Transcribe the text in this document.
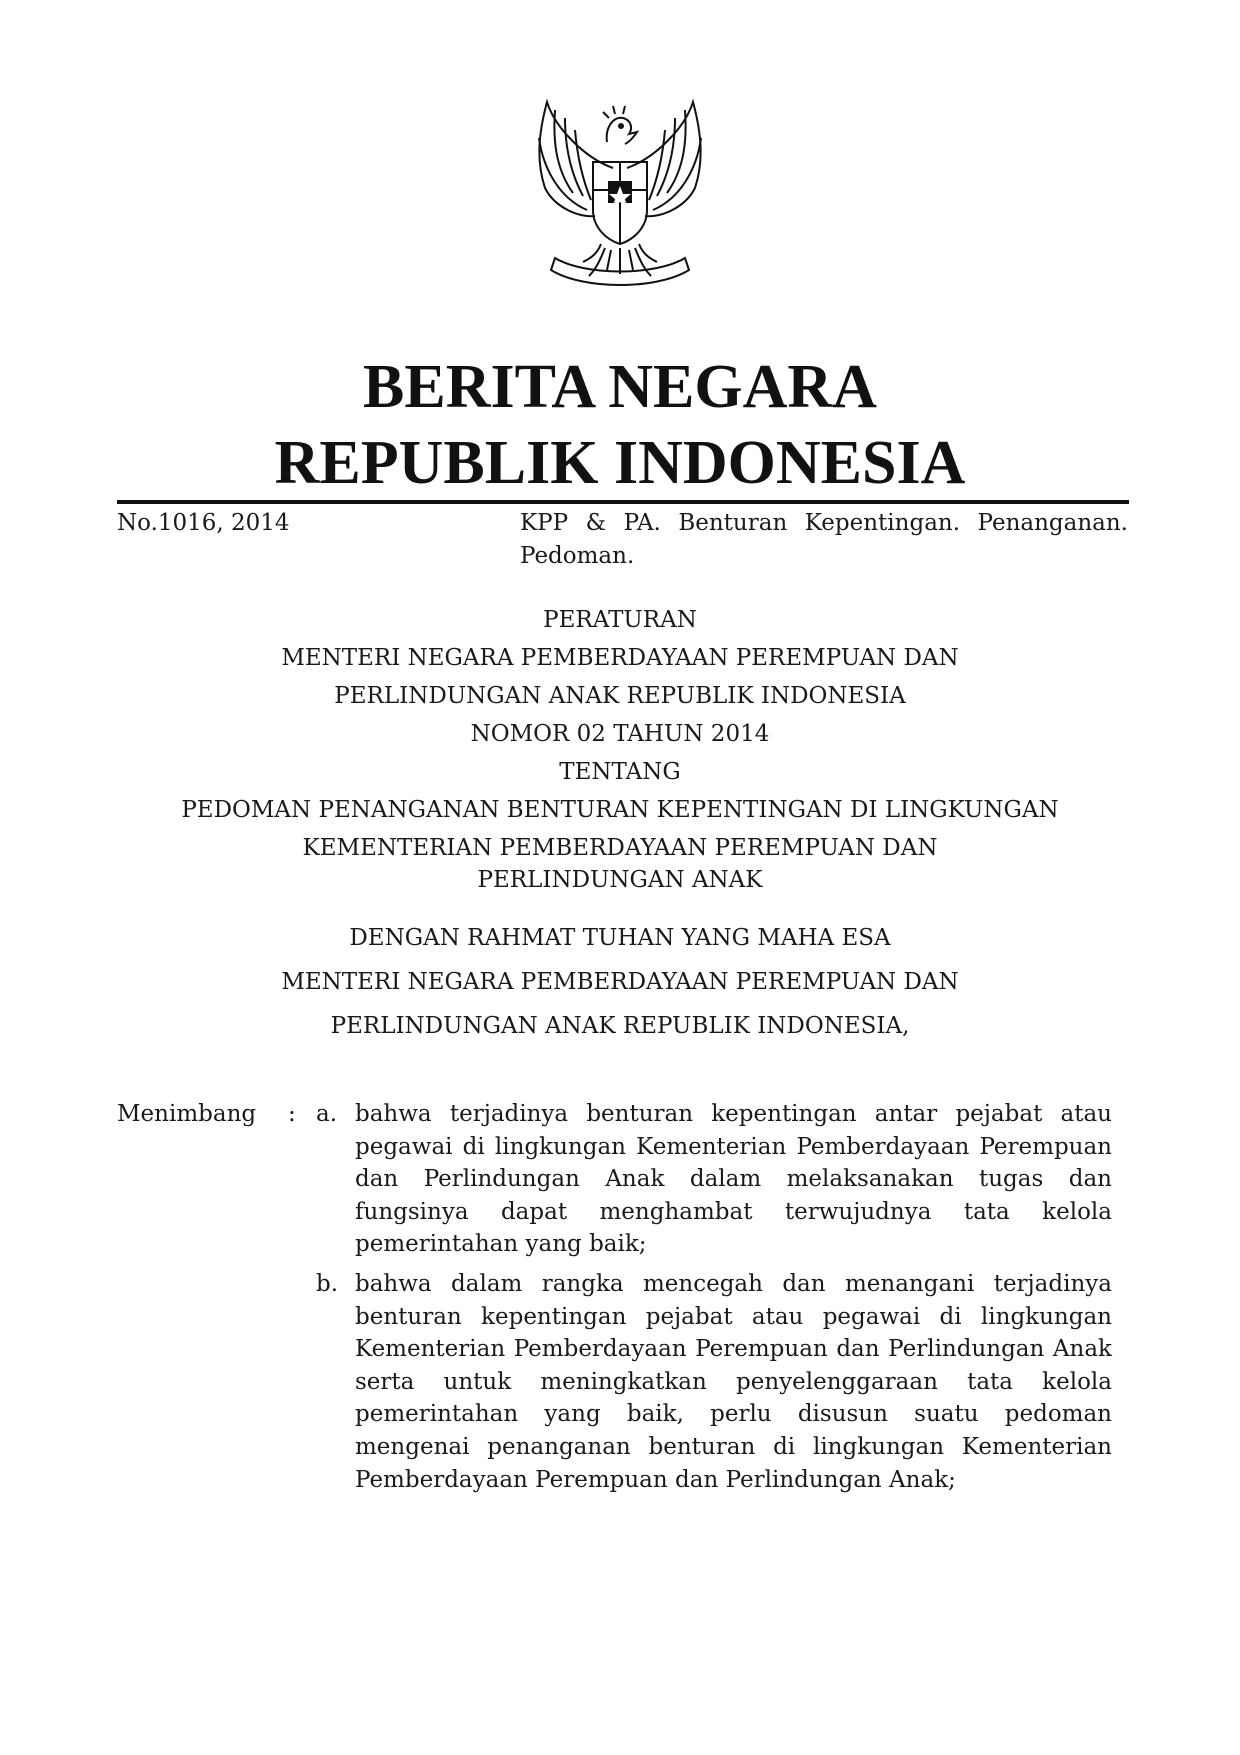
BERITA NEGARA
REPUBLIK INDONESIA
No.1016, 2014	KPP & PA. Benturan Kepentingan. Penanganan. Pedoman.
PERATURAN
MENTERI NEGARA PEMBERDAYAAN PEREMPUAN DAN
PERLINDUNGAN ANAK REPUBLIK INDONESIA
NOMOR 02 TAHUN 2014
TENTANG
PEDOMAN PENANGANAN BENTURAN KEPENTINGAN DI LINGKUNGAN
KEMENTERIAN PEMBERDAYAAN PEREMPUAN DAN
PERLINDUNGAN ANAK
DENGAN RAHMAT TUHAN YANG MAHA ESA
MENTERI NEGARA PEMBERDAYAAN PEREMPUAN DAN
PERLINDUNGAN ANAK REPUBLIK INDONESIA,
Menimbang : a. bahwa terjadinya benturan kepentingan antar pejabat atau pegawai di lingkungan Kementerian Pemberdayaan Perempuan dan Perlindungan Anak dalam melaksanakan tugas dan fungsinya dapat menghambat terwujudnya tata kelola pemerintahan yang baik;
b. bahwa dalam rangka mencegah dan menangani terjadinya benturan kepentingan pejabat atau pegawai di lingkungan Kementerian Pemberdayaan Perempuan dan Perlindungan Anak serta untuk meningkatkan penyelenggaraan tata kelola pemerintahan yang baik, perlu disusun suatu pedoman mengenai penanganan benturan di lingkungan Kementerian Pemberdayaan Perempuan dan Perlindungan Anak;
